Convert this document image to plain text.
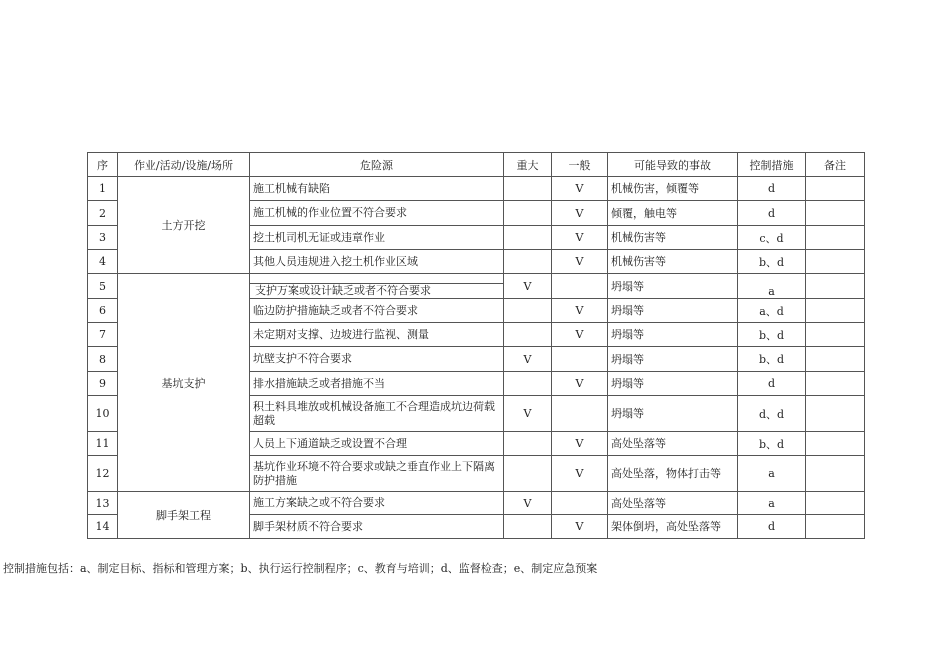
序	作业/活动/设施/场所	危险源	重大	一般	可能导致的事故	控制措施	备注
1	土方开挖	施工机械有缺陷		V	机械伤害，倾覆等	d	
2		施工机械的作业位置不符合要求		V	倾覆，触电等	d	
3		挖土机司机无证或违章作业		V	机械伤害等	c、d	
4		其他人员违规进入挖土机作业区域		V	机械伤害等	b、d	
5	基坑支护	支护万案或设计缺乏或者不符合要求	V		坍塌等	a	
6		临边防护措施缺乏或者不符合要求		V	坍塌等	a、d	
7		未定期对支撑、边坡进行监视、测量		V	坍塌等	b、d	
8		坑壁支护不符合要求	V		坍塌等	b、d	
9		排水措施缺乏或者措施不当		V	坍塌等	d	
10		积土料具堆放或机械设备施工不合理造成坑边荷载超载	V		坍塌等	d、d	
11		人员上下通道缺乏或设置不合理		V	高处坠落等	b、d	
12		基坑作业环境不符合要求或缺之垂直作业上下隔离防护措施		V	高处坠落，物体打击等	a	
13	脚手架工程	施工方案缺之或不符合要求	V		高处坠落等	a	
14		脚手架材质不符合要求		V	架体倒坍，高处坠落等	d	
控制措施包括：a、制定目标、指标和管理方案；b、执行运行控制程序；c、教育与培训；d、监督检查；e、制定应急预案
